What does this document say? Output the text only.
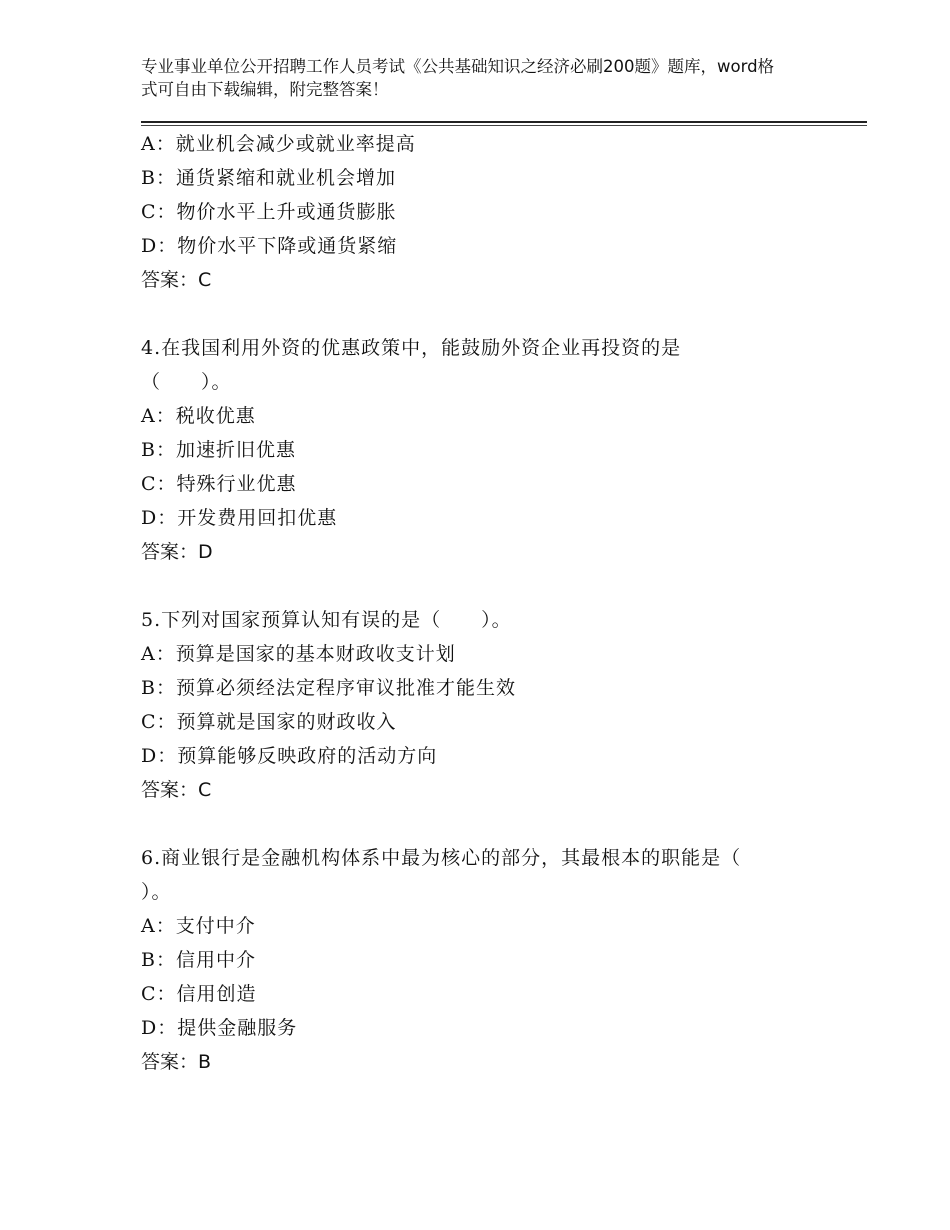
专业事业单位公开招聘工作人员考试《公共基础知识之经济必刷200题》题库，word格式可自由下载编辑，附完整答案！
A：就业机会减少或就业率提高
B：通货紧缩和就业机会增加
C：物价水平上升或通货膨胀
D：物价水平下降或通货紧缩
答案：C
4.在我国利用外资的优惠政策中，能鼓励外资企业再投资的是
（　　）。
A：税收优惠
B：加速折旧优惠
C：特殊行业优惠
D：开发费用回扣优惠
答案：D
5.下列对国家预算认知有误的是（　　）。
A：预算是国家的基本财政收支计划
B：预算必须经法定程序审议批准才能生效
C：预算就是国家的财政收入
D：预算能够反映政府的活动方向
答案：C
6.商业银行是金融机构体系中最为核心的部分，其最根本的职能是（
）。
A：支付中介
B：信用中介
C：信用创造
D：提供金融服务
答案：B
